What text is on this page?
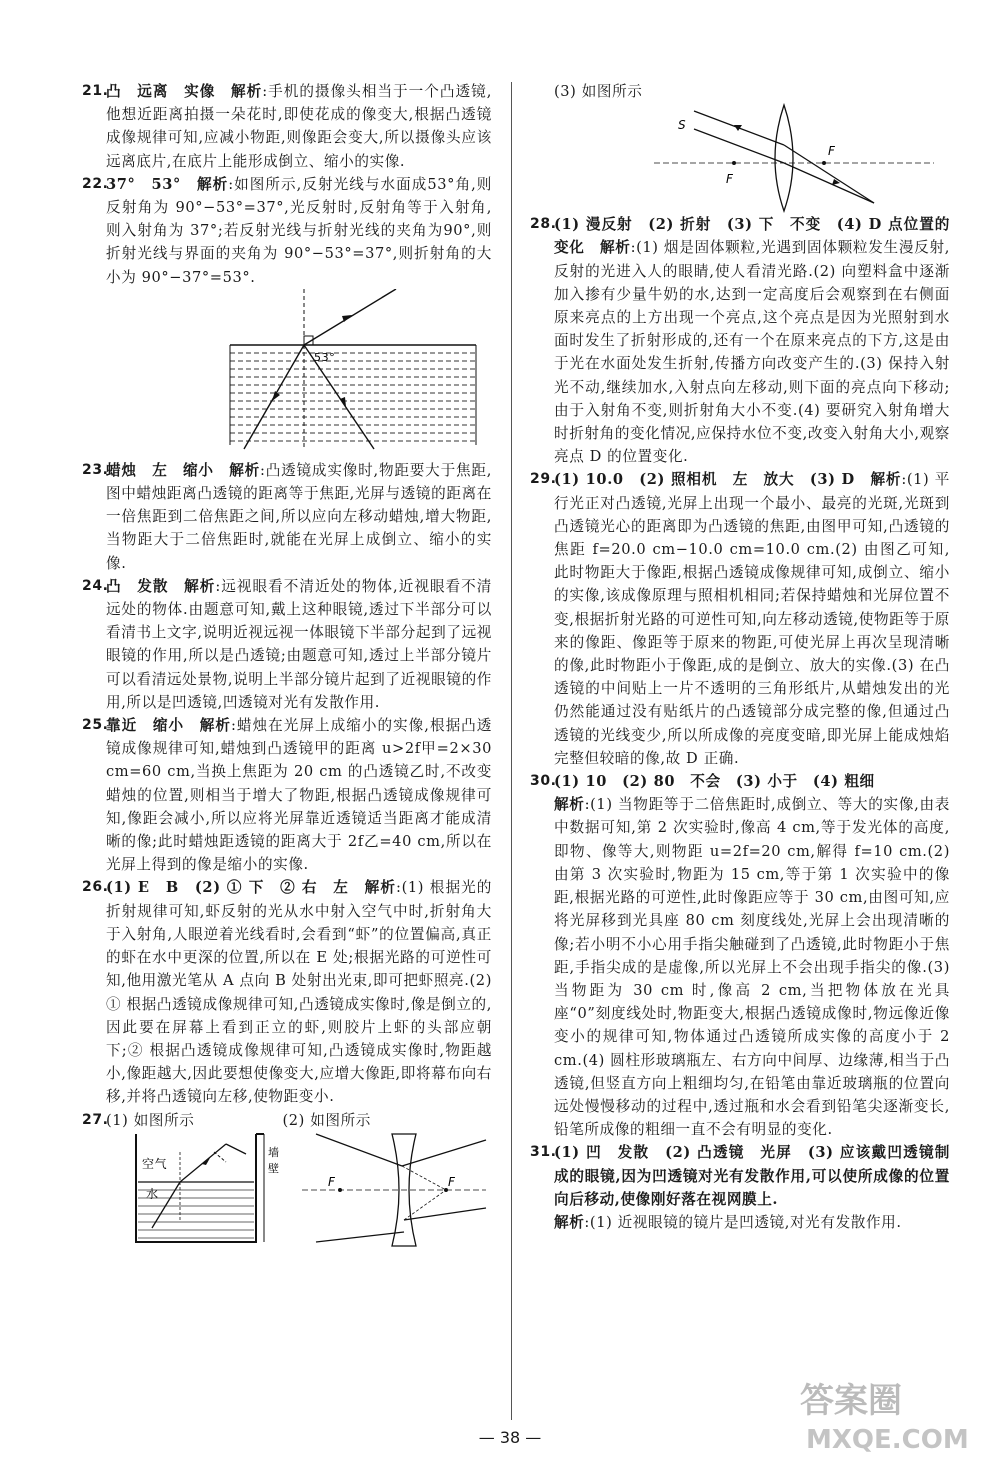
21.

凸　远离　实像　 解析:手机的摄像头相当于一个凸透镜,他想近距离拍摄一朵花时,即使花成的像变大,根据凸透镜成像规律可知,应减小物距,则像距会变大,所以摄像头应该远离底片,在底片上能形成倒立、缩小的实像.

22.

37°　53°　 解析:如图所示,反射光线与水面成53°角,则反射角为 90°−53°=37°,光反射时,反射角等于入射角,则入射角为 37°;若反射光线与折射光线的夹角为90°,则折射光线与界面的夹角为 90°−53°=37°,则折射角的大小为 90°−37°=53°.

53°
23.

蜡烛　左　缩小　 解析:凸透镜成实像时,物距要大于焦距,图中蜡烛距离凸透镜的距离等于焦距,光屏与透镜的距离在一倍焦距到二倍焦距之间,所以应向左移动蜡烛,增大物距,当物距大于二倍焦距时,就能在光屏上成倒立、缩小的实像.

24.

凸　发散　 解析:远视眼看不清近处的物体,近视眼看不清远处的物体.由题意可知,戴上这种眼镜,透过下半部分可以看清书上文字,说明近视远视一体眼镜下半部分起到了远视眼镜的作用,所以是凸透镜;由题意可知,透过上半部分镜片可以看清远处景物,说明上半部分镜片起到了近视眼镜的作用,所以是凹透镜,凹透镜对光有发散作用.

25.

靠近　缩小　 解析:蜡烛在光屏上成缩小的实像,根据凸透镜成像规律可知,蜡烛到凸透镜甲的距离 u>2f甲=2×30 cm=60 cm,当换上焦距为 20 cm 的凸透镜乙时,不改变蜡烛的位置,则相当于增大了物距,根据凸透镜成像规律可知,像距会减小,所以应将光屏靠近透镜适当距离才能成清晰的像;此时蜡烛距透镜的距离大于 2f乙=40 cm,所以在光屏上得到的像是缩小的实像.

26.

(1) E　B　(2) ① 下　② 右　左　 解析:(1) 根据光的折射规律可知,虾反射的光从水中射入空气中时,折射角大于入射角,人眼逆着光线看时,会看到“虾”的位置偏高,真正的虾在水中更深的位置,所以在 E 处;根据光路的可逆性可知,他用激光笔从 A 点向 B 处射出光束,即可把虾照亮.(2) ① 根据凸透镜成像规律可知,凸透镜成实像时,像是倒立的,因此要在屏幕上看到正立的虾,则胶片上虾的头部应朝下;② 根据凸透镜成像规律可知,凸透镜成实像时,物距越小,像距越大,因此要想使像变大,应增大像距,即将幕布向右移,并将凸透镜向左移,使物距变小.

27.
(1) 如图所示	(2) 如图所示
空气
水
墙
壁
F	F

(3) 如图所示

S
F
F
28.

(1) 漫反射　(2) 折射　(3) 下　不变　(4) D 点位置的变化　 解析:(1) 烟是固体颗粒,光遇到固体颗粒发生漫反射,反射的光进入人的眼睛,使人看清光路.(2) 向塑料盒中逐渐加入掺有少量牛奶的水,达到一定高度后会观察到在右侧面原来亮点的上方出现一个亮点,这个亮点是因为光照射到水面时发生了折射形成的,还有一个在原来亮点的下方,这是由于光在水面处发生折射,传播方向改变产生的.(3) 保持入射光不动,继续加水,入射点向左移动,则下面的亮点向下移动;由于入射角不变,则折射角大小不变.(4) 要研究入射角增大时折射角的变化情况,应保持水位不变,改变入射角大小,观察亮点 D 的位置变化.

29.

(1) 10.0　(2) 照相机　左　放大　(3) D　 解析:(1) 平行光正对凸透镜,光屏上出现一个最小、最亮的光斑,光斑到凸透镜光心的距离即为凸透镜的焦距,由图甲可知,凸透镜的焦距 f=20.0 cm−10.0 cm=10.0 cm.(2) 由图乙可知,此时物距大于像距,根据凸透镜成像规律可知,成倒立、缩小的实像,该成像原理与照相机相同;若保持蜡烛和光屏位置不变,根据折射光路的可逆性可知,向左移动透镜,使物距等于原来的像距、像距等于原来的物距,可使光屏上再次呈现清晰的像,此时物距小于像距,成的是倒立、放大的实像.(3) 在凸透镜的中间贴上一片不透明的三角形纸片,从蜡烛发出的光仍然能通过没有贴纸片的凸透镜部分成完整的像,但通过凸透镜的光线变少,所以所成像的亮度变暗,即光屏上能成烛焰完整但较暗的像,故 D 正确.

30.

(1) 10　(2) 80　不会　(3) 小于　(4) 粗细

解析:(1) 当物距等于二倍焦距时,成倒立、等大的实像,由表中数据可知,第 2 次实验时,像高 4 cm,等于发光体的高度,即物、像等大,则物距 u=2f=20 cm,解得 f=10 cm.(2) 由第 3 次实验时,物距为 15 cm,等于第 1 次实验中的像距,根据光路的可逆性,此时像距应等于 30 cm,由图可知,应将光屏移到光具座 80 cm 刻度线处,光屏上会出现清晰的像;若小明不小心用手指尖触碰到了凸透镜,此时物距小于焦距,手指尖成的是虚像,所以光屏上不会出现手指尖的像.(3) 当物距为 30 cm 时,像高 2 cm,当把物体放在光具座“0”刻度线处时,物距变大,根据凸透镜成像时,物远像近像变小的规律可知,物体通过凸透镜所成实像的高度小于 2 cm.(4) 圆柱形玻璃瓶左、右方向中间厚、边缘薄,相当于凸透镜,但竖直方向上粗细均匀,在铅笔由靠近玻璃瓶的位置向远处慢慢移动的过程中,透过瓶和水会看到铅笔尖逐渐变长,铅笔所成像的粗细一直不会有明显的变化.

31.

(1) 凹　发散　(2) 凸透镜　光屏　(3) 应该戴凹透镜制成的眼镜,因为凹透镜对光有发散作用,可以使所成像的位置向后移动,使像刚好落在视网膜上.

解析:(1) 近视眼镜的镜片是凹透镜,对光有发散作用.

— 38 —
答案圈
MXQE.COM
